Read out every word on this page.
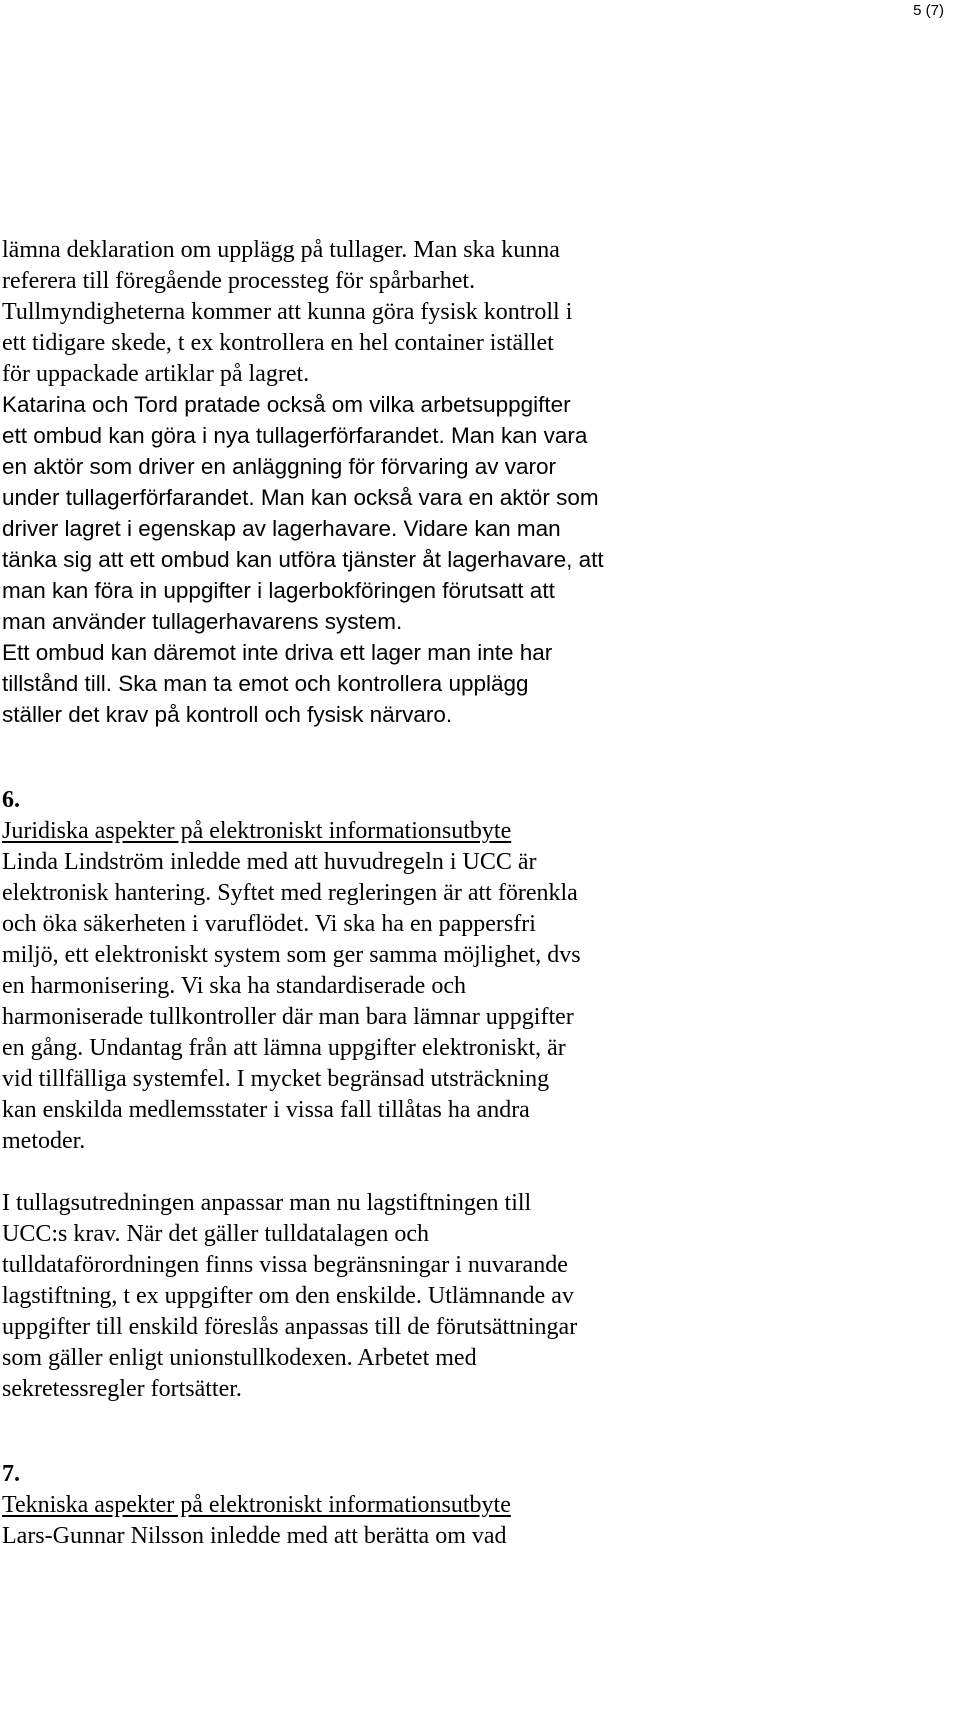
5 (7)
lämna deklaration om upplägg på tullager. Man ska kunna
referera till föregående processteg för spårbarhet.
Tullmyndigheterna kommer att kunna göra fysisk kontroll i
ett tidigare skede, t ex kontrollera en hel container istället
för uppackade artiklar på lagret.
Katarina och Tord pratade också om vilka arbetsuppgifter
ett ombud kan göra i nya tullagerförfarandet. Man kan vara
en aktör som driver en anläggning för förvaring av varor
under tullagerförfarandet. Man kan också vara en aktör som
driver lagret i egenskap av lagerhavare. Vidare kan man
tänka sig att ett ombud kan utföra tjänster åt lagerhavare, att
man kan föra in uppgifter i lagerbokföringen förutsatt att
man använder tullagerhavarens system.
Ett ombud kan däremot inte driva ett lager man inte har
tillstånd till. Ska man ta emot och kontrollera upplägg
ställer det krav på kontroll och fysisk närvaro.
6.
Juridiska aspekter på elektroniskt informationsutbyte
Linda Lindström inledde med att huvudregeln i UCC är
elektronisk hantering. Syftet med regleringen är att förenkla
och öka säkerheten i varuflödet. Vi ska ha en pappersfri
miljö, ett elektroniskt system som ger samma möjlighet, dvs
en harmonisering. Vi ska ha standardiserade och
harmoniserade tullkontroller där man bara lämnar uppgifter
en gång. Undantag från att lämna uppgifter elektroniskt, är
vid tillfälliga systemfel. I mycket begränsad utsträckning
kan enskilda medlemsstater i vissa fall tillåtas ha andra
metoder.
I tullagsutredningen anpassar man nu lagstiftningen till
UCC:s krav. När det gäller tulldatalagen och
tulldataförordningen finns vissa begränsningar i nuvarande
lagstiftning, t ex uppgifter om den enskilde. Utlämnande av
uppgifter till enskild föreslås anpassas till de förutsättningar
som gäller enligt unionstullkodexen. Arbetet med
sekretessregler fortsätter.
7.
Tekniska aspekter på elektroniskt informationsutbyte
Lars-Gunnar Nilsson inledde med att berätta om vad
